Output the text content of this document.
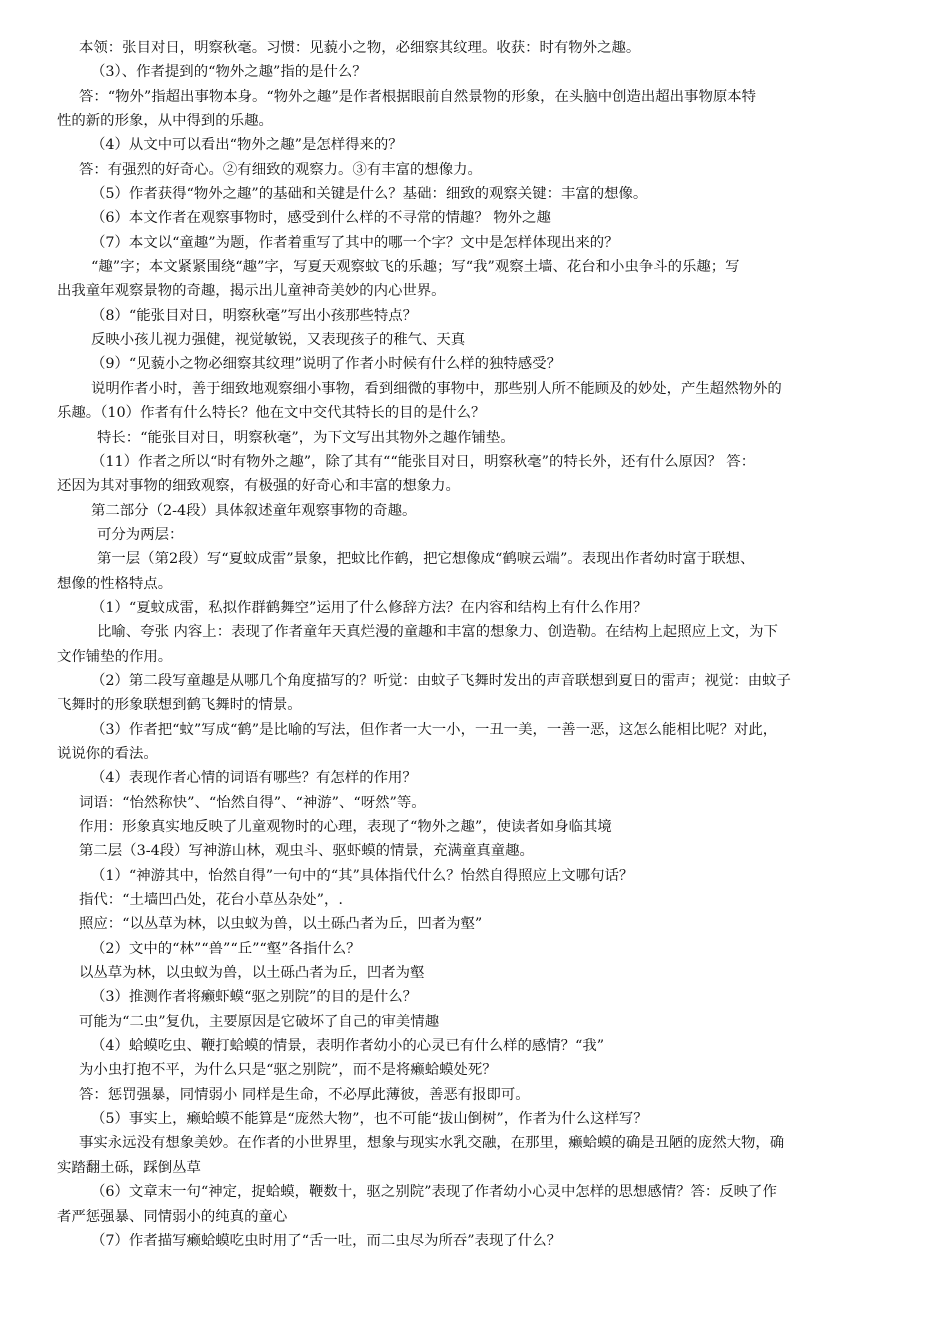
本领：张目对日，明察秋毫。习惯：见藐小之物，必细察其纹理。收获：时有物外之趣。
（3）、作者提到的“物外之趣”指的是什么？
答：“物外”指超出事物本身。“物外之趣”是作者根据眼前自然景物的形象，在头脑中创造出超出事物原本特
性的新的形象，从中得到的乐趣。
（4）从文中可以看出“物外之趣”是怎样得来的？
答：有强烈的好奇心。②有细致的观察力。③有丰富的想像力。
（5）作者获得“物外之趣”的基础和关键是什么？基础：细致的观察关键：丰富的想像。
（6）本文作者在观察事物时，感受到什么样的不寻常的情趣？ 物外之趣
（7）本文以“童趣”为题，作者着重写了其中的哪一个字？文中是怎样体现出来的？
“趣”字；本文紧紧围绕“趣”字，写夏天观察蚊飞的乐趣；写“我”观察土墙、花台和小虫争斗的乐趣；写
出我童年观察景物的奇趣，揭示出儿童神奇美妙的内心世界。
（8）“能张目对日，明察秋毫”写出小孩那些特点？
反映小孩儿视力强健，视觉敏锐，又表现孩子的稚气、天真
（9）“见藐小之物必细察其纹理”说明了作者小时候有什么样的独特感受？
说明作者小时，善于细致地观察细小事物，看到细微的事物中，那些别人所不能顾及的妙处，产生超然物外的
乐趣。（10）作者有什么特长？他在文中交代其特长的目的是什么？
特长：“能张目对日，明察秋毫”，为下文写出其物外之趣作铺垫。
（11）作者之所以“时有物外之趣”，除了其有““能张目对日，明察秋毫”的特长外，还有什么原因？ 答：
还因为其对事物的细致观察，有极强的好奇心和丰富的想象力。
第二部分（2-4段）具体叙述童年观察事物的奇趣。
可分为两层：
第一层（第2段）写“夏蚊成雷”景象，把蚊比作鹤，把它想像成“鹤唳云端”。表现出作者幼时富于联想、
想像的性格特点。
（1）“夏蚊成雷，私拟作群鹤舞空”运用了什么修辞方法？在内容和结构上有什么作用？
比喻、夸张 内容上：表现了作者童年天真烂漫的童趣和丰富的想象力、创造勒。在结构上起照应上文，为下
文作铺垫的作用。
（2）第二段写童趣是从哪几个角度描写的？听觉：由蚊子飞舞时发出的声音联想到夏日的雷声；视觉：由蚊子
飞舞时的形象联想到鹤飞舞时的情景。
（3）作者把“蚊”写成“鹤”是比喻的写法，但作者一大一小，一丑一美，一善一恶，这怎么能相比呢？对此，
说说你的看法。
（4）表现作者心情的词语有哪些？有怎样的作用？
词语：“怡然称快”、“怡然自得”、“神游”、“呀然”等。
作用：形象真实地反映了儿童观物时的心理，表现了“物外之趣”，使读者如身临其境
第二层（3-4段）写神游山林，观虫斗、驱虾蟆的情景，充满童真童趣。
（1）“神游其中，怡然自得”一句中的“其”具体指代什么？怡然自得照应上文哪句话？
指代：“土墙凹凸处，花台小草丛杂处”，.
照应：“以丛草为林，以虫蚁为兽，以土砾凸者为丘，凹者为壑”
（2）文中的“林”“兽”“丘”“壑”各指什么？
以丛草为林，以虫蚁为兽，以土砾凸者为丘，凹者为壑
（3）推测作者将癞虾蟆“驱之别院”的目的是什么？
可能为“二虫”复仇，主要原因是它破坏了自己的审美情趣
（4）蛤蟆吃虫、鞭打蛤蟆的情景，表明作者幼小的心灵已有什么样的感情？“我”
为小虫打抱不平，为什么只是“驱之别院”，而不是将癞蛤蟆处死？
答：惩罚强暴，同情弱小 同样是生命，不必厚此薄彼，善恶有报即可。
（5）事实上，癞蛤蟆不能算是“庞然大物”，也不可能“拔山倒树”，作者为什么这样写？
事实永远没有想象美妙。在作者的小世界里，想象与现实水乳交融，在那里，癞蛤蟆的确是丑陋的庞然大物，确
实踏翻土砾，踩倒丛草
（6）文章末一句“神定，捉蛤蟆，鞭数十，驱之别院”表现了作者幼小心灵中怎样的思想感情？答：反映了作
者严惩强暴、同情弱小的纯真的童心
（7）作者描写癞蛤蟆吃虫时用了“舌一吐，而二虫尽为所吞”表现了什么？
